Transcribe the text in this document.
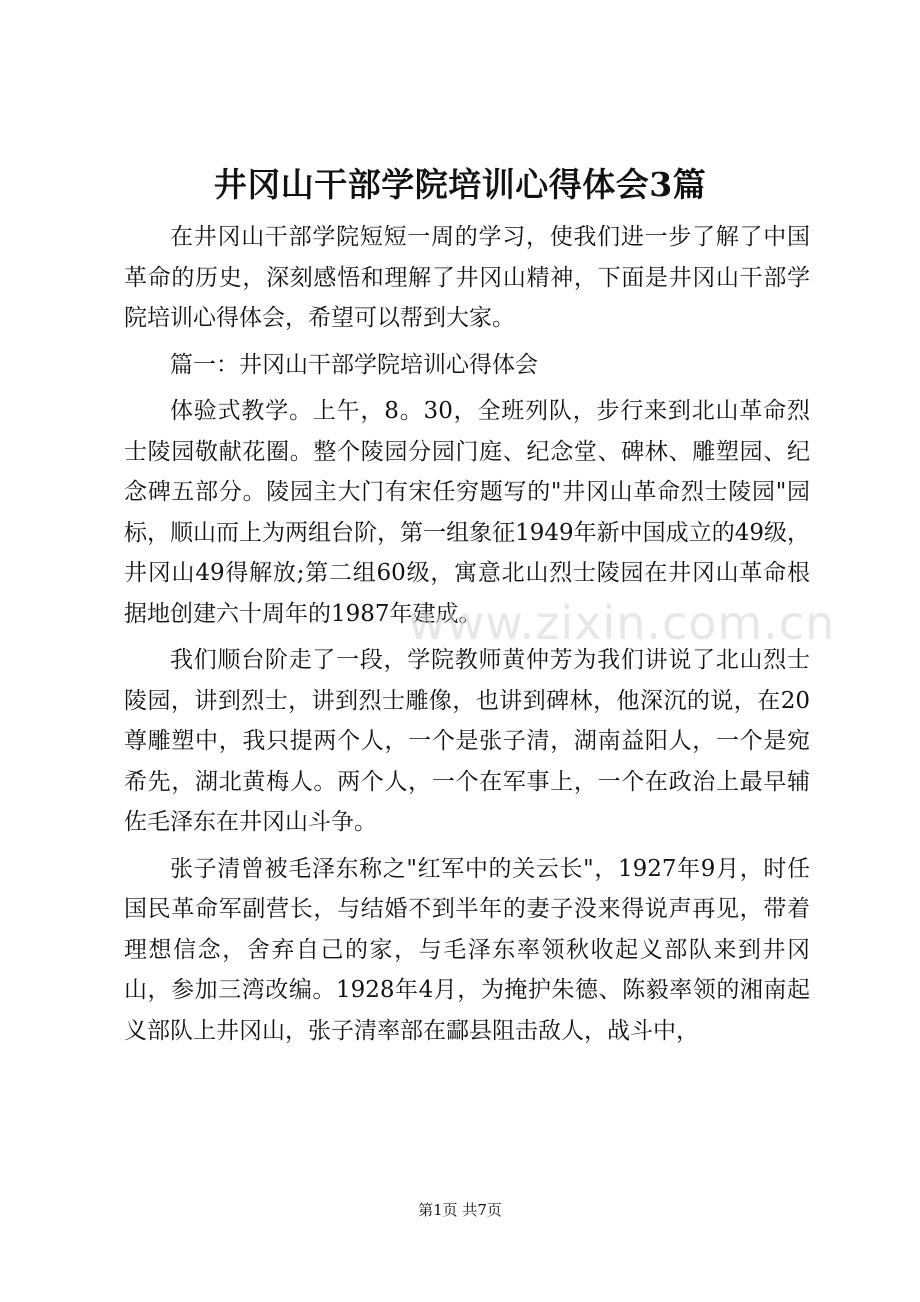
井冈山干部学院培训心得体会3篇

在井冈山干部学院短短一周的学习，使我们进一步了解了中国革命的历史，深刻感悟和理解了井冈山精神，下面是井冈山干部学院培训心得体会，希望可以帮到大家。

篇一：井冈山干部学院培训心得体会

体验式教学。上午，8。30，全班列队，步行来到北山革命烈士陵园敬献花圈。整个陵园分园门庭、纪念堂、碑林、雕塑园、纪念碑五部分。陵园主大门有宋任穷题写的"井冈山革命烈士陵园"园标，顺山而上为两组台阶，第一组象征1949年新中国成立的49级，井冈山49得解放;第二组60级，寓意北山烈士陵园在井冈山革命根据地创建六十周年的1987年建成。

我们顺台阶走了一段，学院教师黄仲芳为我们讲说了北山烈士陵园，讲到烈士，讲到烈士雕像，也讲到碑林，他深沉的说，在20尊雕塑中，我只提两个人，一个是张子清，湖南益阳人，一个是宛希先，湖北黄梅人。两个人，一个在军事上，一个在政治上最早辅佐毛泽东在井冈山斗争。

张子清曾被毛泽东称之"红军中的关云长"，1927年9月，时任国民革命军副营长，与结婚不到半年的妻子没来得说声再见，带着理想信念，舍弃自己的家，与毛泽东率领秋收起义部队来到井冈山，参加三湾改编。1928年4月，为掩护朱德、陈毅率领的湘南起义部队上井冈山，张子清率部在酃县阻击敌人，战斗中，

www.zixin.com.cn
第1页 共7页
